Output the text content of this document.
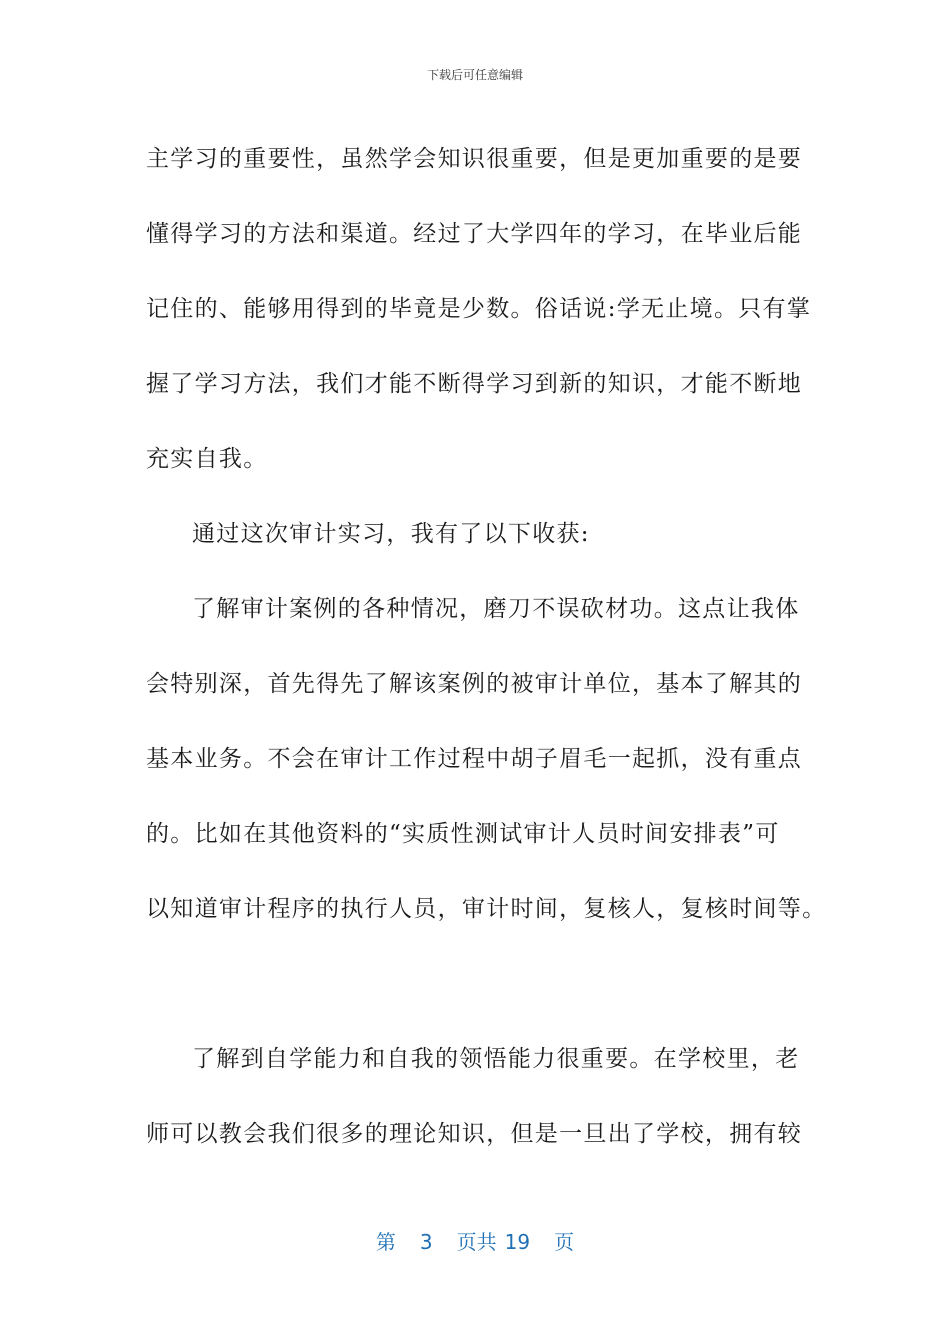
下载后可任意编辑
主学习的重要性，虽然学会知识很重要，但是更加重要的是要
懂得学习的方法和渠道。经过了大学四年的学习，在毕业后能
记住的、能够用得到的毕竟是少数。俗话说:学无止境。只有掌
握了学习方法，我们才能不断得学习到新的知识，才能不断地
充实自我。
通过这次审计实习，我有了以下收获:
了解审计案例的各种情况，磨刀不误砍材功。这点让我体
会特别深，首先得先了解该案例的被审计单位，基本了解其的
基本业务。不会在审计工作过程中胡子眉毛一起抓，没有重点
的。比如在其他资料的“实质性测试审计人员时间安排表”可
以知道审计程序的执行人员，审计时间，复核人，复核时间等。
了解到自学能力和自我的领悟能力很重要。在学校里，老
师可以教会我们很多的理论知识，但是一旦出了学校，拥有较
第 3 页共 19 页
